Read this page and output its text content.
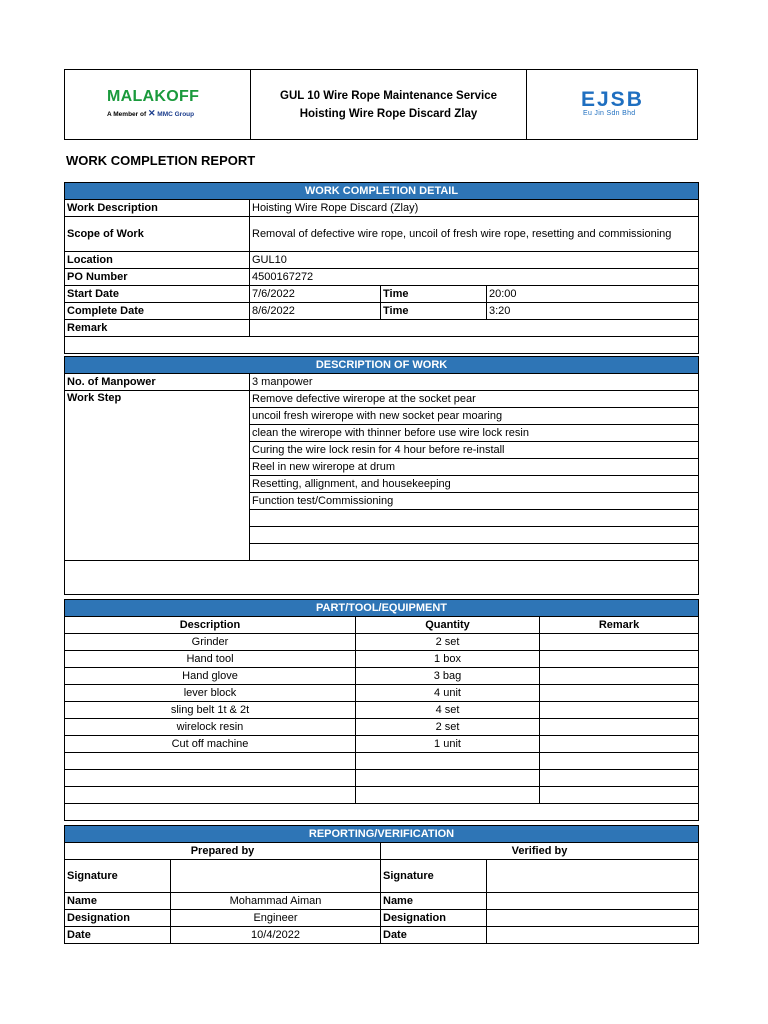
MALAKOFF
A Member of ✕ MMC Group
GUL 10 Wire Rope Maintenance Service Hoisting Wire Rope Discard Zlay
EJSB
Eu Jin Sdn Bhd
WORK COMPLETION REPORT
WORK COMPLETION DETAIL			
Work Description	Hoisting Wire Rope Discard (Zlay)		
Scope of Work	Removal of defective wire rope, uncoil of fresh wire rope, resetting and commissioning		
Location	GUL10		
PO Number	4500167272		
Start Date	7/6/2022	Time	20:00
Complete Date	8/6/2022	Time	3:20
Remark			

DESCRIPTION OF WORK	
No. of Manpower	3 manpower
Work Step	Remove defective wirerope at the socket pear
	uncoil fresh wirerope with new socket pear moaring
	clean the wirerope with thinner before use wire lock resin
	Curing the wire lock resin for 4 hour before re-install
	Reel in new wirerope at drum
	Resetting, allignment, and housekeeping
	Function test/Commissioning

PART/TOOL/EQUIPMENT		
Description	Quantity	Remark
Grinder	2 set	
Hand tool	1 box	
Hand glove	3 bag	
lever block	4 unit	
sling belt 1t & 2t	4 set	
wirelock resin	2 set	
Cut off machine	1 unit	

REPORTING/VERIFICATION			
Prepared by		Verified by	
Signature		Signature	
Name	Mohammad Aiman	Name	
Designation	Engineer	Designation	
Date	10/4/2022	Date	
